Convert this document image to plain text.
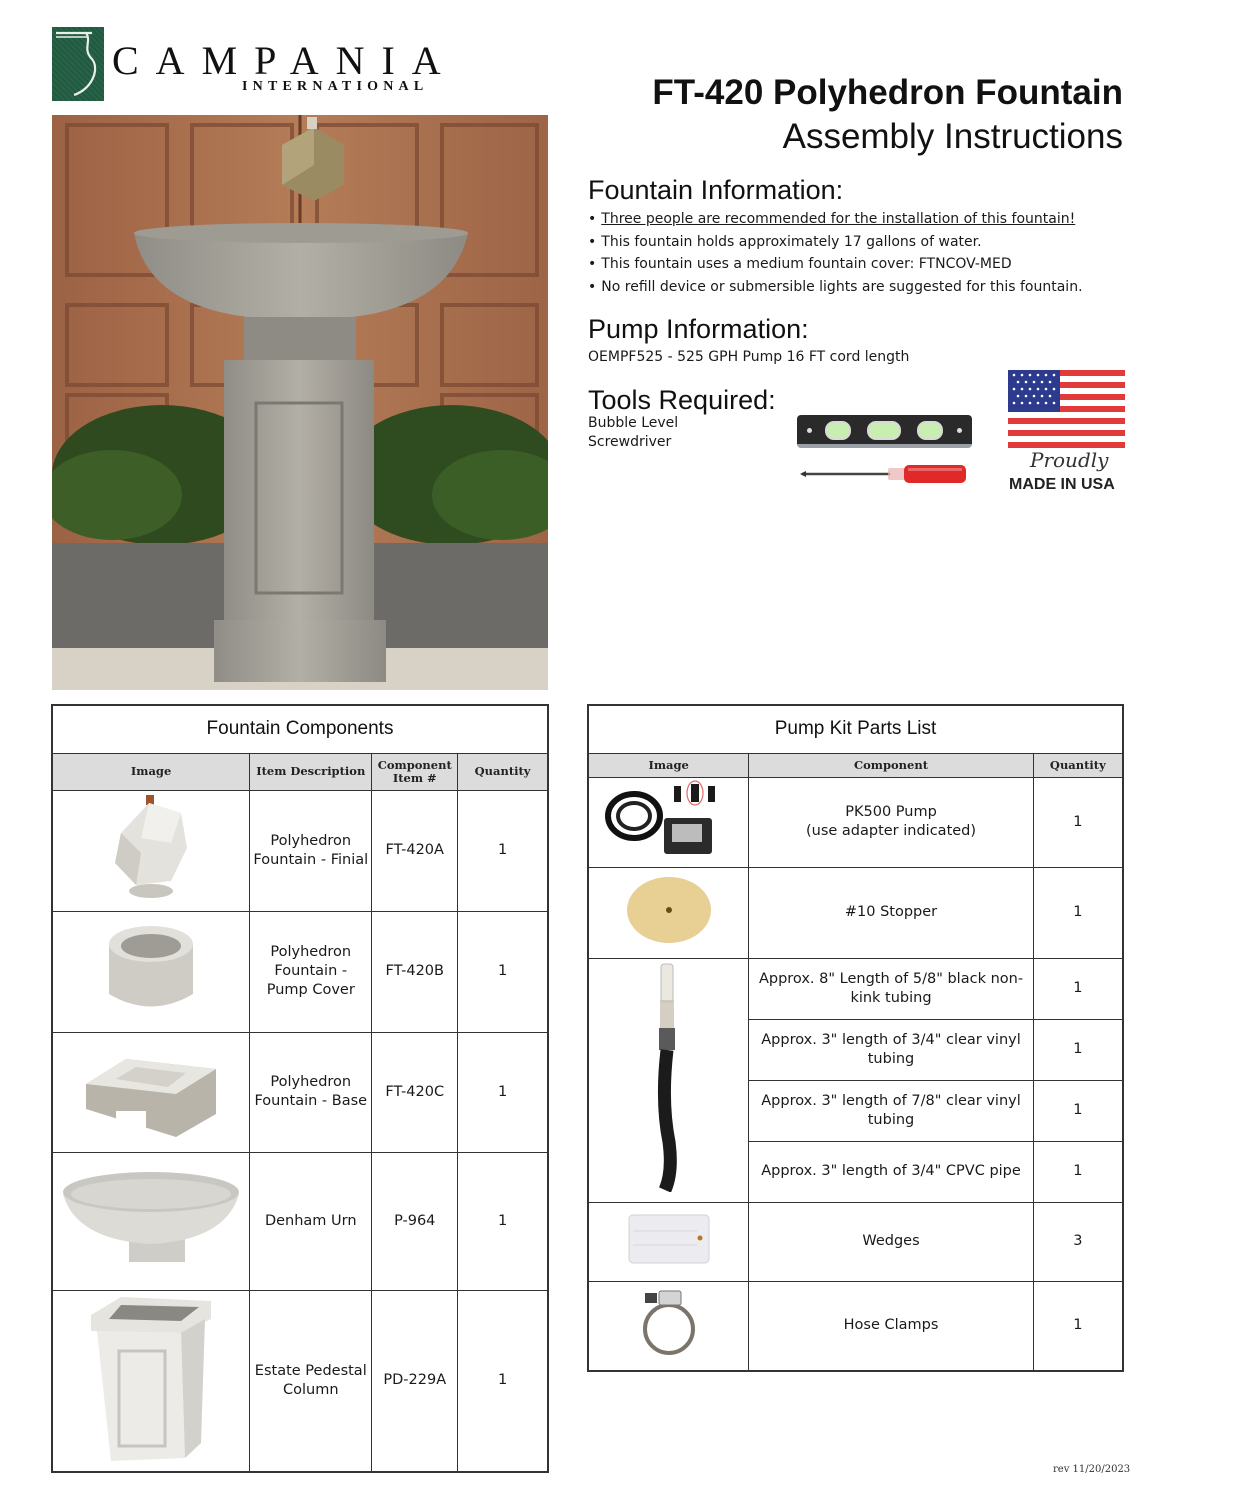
CAMPANIA
INTERNATIONAL	FT-420 Polyhedron Fountain
Assembly Instructions
Fountain Information:
• Three people are recommended for the installation of this fountain!
• This fountain holds approximately 17 gallons of water.
• This fountain uses a medium fountain cover: FTNCOV-MED
• No refill device or submersible lights are suggested for this fountain.
Pump Information:
OEMPF525 - 525 GPH Pump 16 FT cord length
Tools Required:
Bubble Level
Screwdriver
Proudly
MADE IN USA
Fountain Components			
Image	Item Description	Component
Item #	Quantity
	Polyhedron
Fountain - Finial	FT-420A	1
	Polyhedron
Fountain -
Pump Cover	FT-420B	1
	Polyhedron
Fountain - Base	FT-420C	1
	Denham Urn	P-964	1
	Estate Pedestal
Column	PD-229A	1
Pump Kit Parts List		
Image	Component	Quantity
	PK500 Pump
(use adapter indicated)	1
	#10 Stopper	1
	Approx. 8" Length of 5/8" black non-
kink tubing	1
	Approx. 3" length of 3/4" clear vinyl
tubing	1
	Approx. 3" length of 7/8" clear vinyl
tubing	1
	Approx. 3" length of 3/4" CPVC pipe	1
	Wedges	3
	Hose Clamps	1
rev 11/20/2023
